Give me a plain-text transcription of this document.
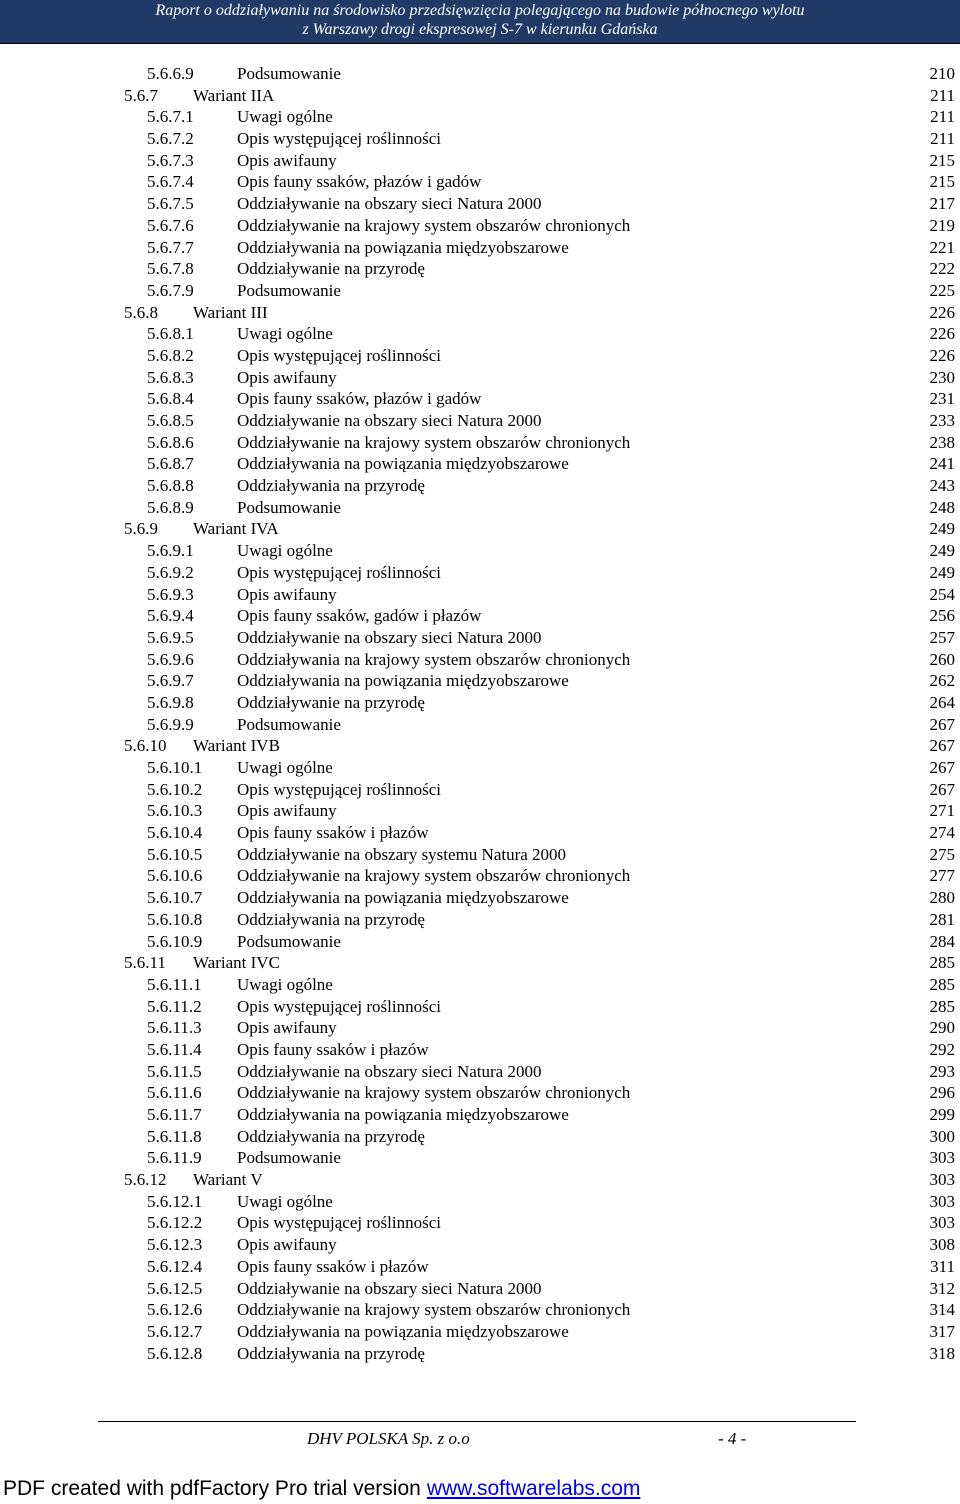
Raport o oddziaływaniu na środowisko przedsięwzięcia polegającego na budowie północnego wylotu
z Warszawy drogi ekspresowej S-7 w kierunku Gdańska
5.6.6.9	Podsumowanie	210
5.6.7 Wariant IIA	211
5.6.7.1	Uwagi ogólne	211
5.6.7.2	Opis występującej roślinności	211
5.6.7.3	Opis awifauny	215
5.6.7.4	Opis fauny ssaków, płazów i gadów	215
5.6.7.5	Oddziaływanie na obszary sieci Natura 2000	217
5.6.7.6	Oddziaływanie na krajowy system obszarów chronionych	219
5.6.7.7	Oddziaływania na powiązania międzyobszarowe	221
5.6.7.8	Oddziaływanie na przyrodę	222
5.6.7.9	Podsumowanie	225
5.6.8 Wariant III	226
5.6.8.1	Uwagi ogólne	226
5.6.8.2	Opis występującej roślinności	226
5.6.8.3	Opis awifauny	230
5.6.8.4	Opis fauny ssaków, płazów i gadów	231
5.6.8.5	Oddziaływanie na obszary sieci Natura 2000	233
5.6.8.6	Oddziaływanie na krajowy system obszarów chronionych	238
5.6.8.7	Oddziaływania na powiązania międzyobszarowe	241
5.6.8.8	Oddziaływania na przyrodę	243
5.6.8.9	Podsumowanie	248
5.6.9 Wariant IVA	249
5.6.9.1	Uwagi ogólne	249
5.6.9.2	Opis występującej roślinności	249
5.6.9.3	Opis awifauny	254
5.6.9.4	Opis fauny ssaków, gadów i płazów	256
5.6.9.5	Oddziaływanie na obszary sieci Natura 2000	257
5.6.9.6	Oddziaływania na krajowy system obszarów chronionych	260
5.6.9.7	Oddziaływania na powiązania międzyobszarowe	262
5.6.9.8	Oddziaływanie na przyrodę	264
5.6.9.9	Podsumowanie	267
5.6.10 Wariant IVB	267
5.6.10.1 Uwagi ogólne	267
5.6.10.2 Opis występującej roślinności	267
5.6.10.3 Opis awifauny	271
5.6.10.4 Opis fauny ssaków i płazów	274
5.6.10.5 Oddziaływanie na obszary systemu Natura 2000	275
5.6.10.6 Oddziaływanie na krajowy system obszarów chronionych	277
5.6.10.7 Oddziaływania na powiązania międzyobszarowe	280
5.6.10.8 Oddziaływania na przyrodę	281
5.6.10.9 Podsumowanie	284
5.6.11 Wariant IVC	285
5.6.11.1 Uwagi ogólne	285
5.6.11.2 Opis występującej roślinności	285
5.6.11.3 Opis awifauny	290
5.6.11.4 Opis fauny ssaków i płazów	292
5.6.11.5 Oddziaływanie na obszary sieci Natura 2000	293
5.6.11.6 Oddziaływanie na krajowy system obszarów chronionych	296
5.6.11.7 Oddziaływania na powiązania międzyobszarowe	299
5.6.11.8 Oddziaływania na przyrodę	300
5.6.11.9 Podsumowanie	303
5.6.12 Wariant V	303
5.6.12.1 Uwagi ogólne	303
5.6.12.2 Opis występującej roślinności	303
5.6.12.3 Opis awifauny	308
5.6.12.4 Opis fauny ssaków i płazów	311
5.6.12.5 Oddziaływanie na obszary sieci Natura 2000	312
5.6.12.6 Oddziaływanie na krajowy system obszarów chronionych	314
5.6.12.7 Oddziaływania na powiązania międzyobszarowe	317
5.6.12.8 Oddziaływania na przyrodę	318
DHV POLSKA Sp. z o.o	- 4 -
PDF created with pdfFactory Pro trial version www.softwarelabs.com
